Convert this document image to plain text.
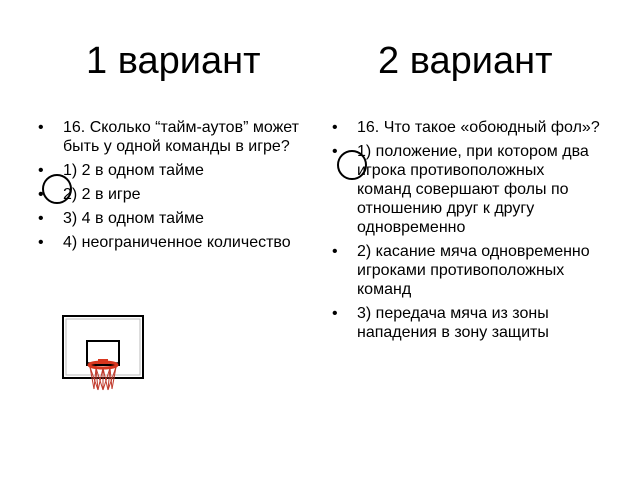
1 вариант	2 вариант
• 16. Сколько “тайм-аутов” может быть у одной команды в игре?
• 1) 2 в одном тайме
• 2) 2 в игре
• 3) 4 в одном тайме
• 4) неограниченное количество
• 16. Что такое «обоюдный фол»?
• 1) положение, при котором два игрока противоположных команд совершают фолы по отношению друг к другу одновременно
• 2) касание мяча одновременно игроками противоположных команд
• 3) передача мяча из зоны нападения в зону защиты
